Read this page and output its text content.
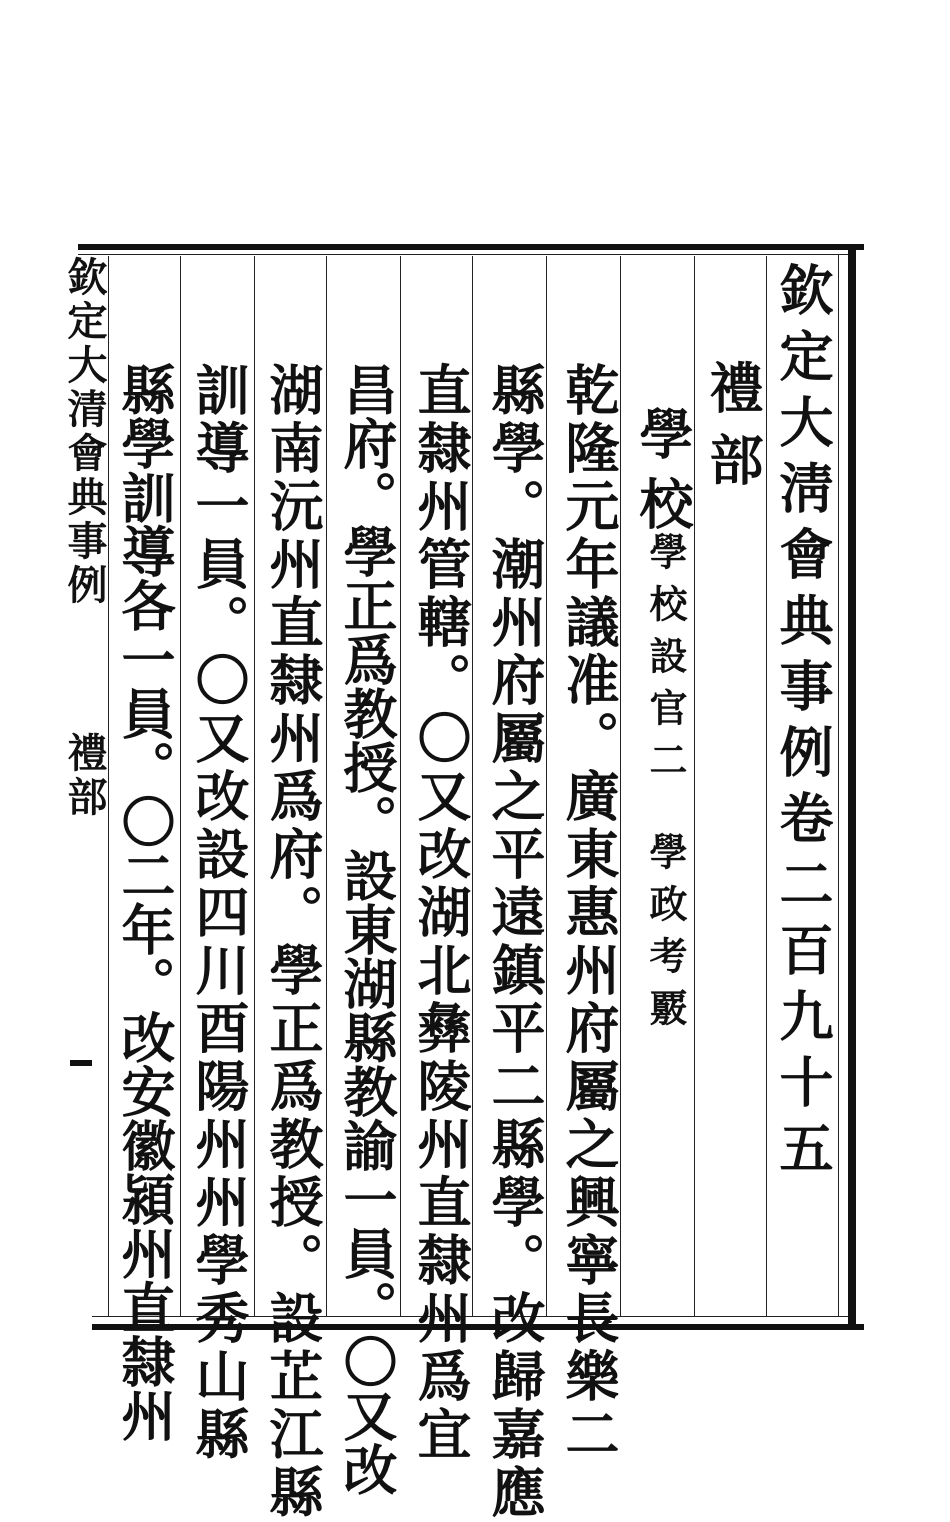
欽定大清會典事例  禮部	欽定大淸會典事例卷二百九十五
禮部
學校
學校設官二
學政考覈
乾隆元年議准。廣東惠州府屬之興寧長樂二
縣學。潮州府屬之平遠鎮平二縣學。改歸嘉應
直隸州管轄。〇又改湖北彝陵州直隸州爲宜
昌府。學正爲教授。設東湖縣教諭一員。〇又改
湖南沅州直隸州爲府。學正爲教授。設芷江縣
訓導一員。〇又改設四川酉陽州州學秀山縣
縣學訓導各一員。〇二年。改安徽潁州直隸州
